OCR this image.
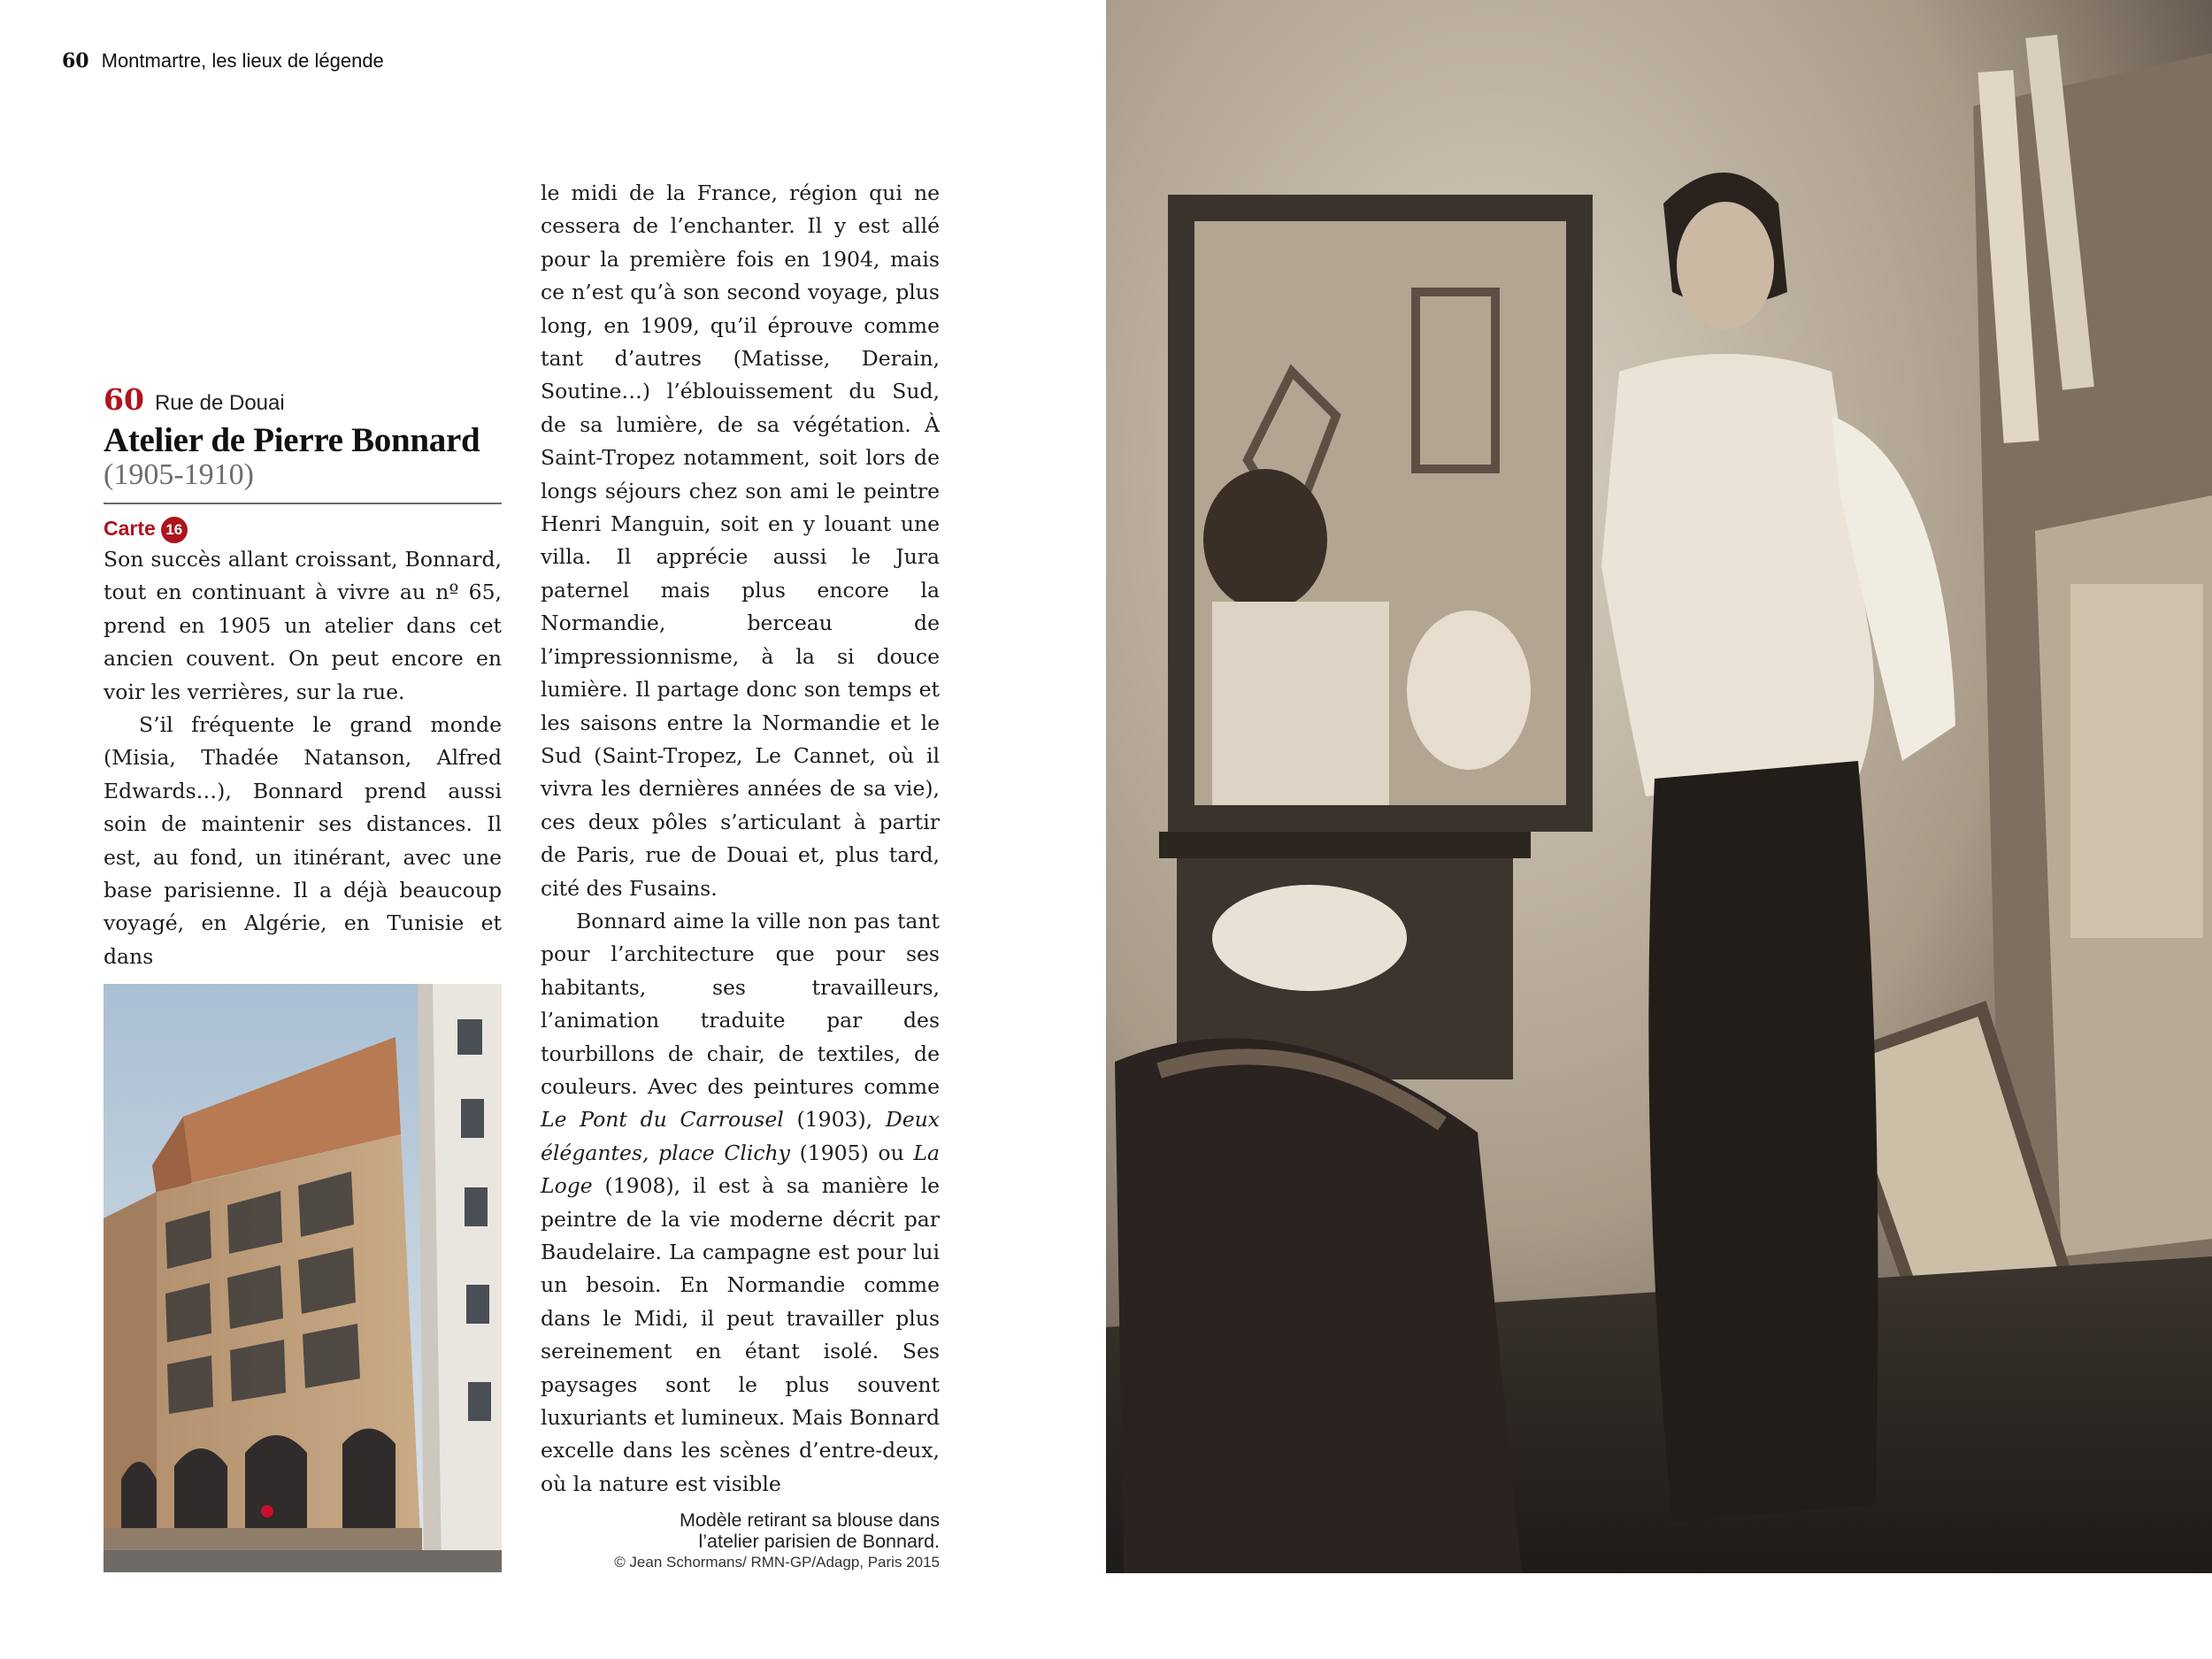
60 Montmartre, les lieux de légende
60 Rue de Douai
Atelier de Pierre Bonnard
(1905-1910)
Carte 16

Son succès allant croissant, Bonnard, tout en continuant à vivre au nº 65, prend en 1905 un atelier dans cet ancien couvent. On peut encore en voir les verrières, sur la rue.

S’il fréquente le grand monde (Misia, Thadée Natanson, Alfred Edwards…), Bonnard prend aussi soin de maintenir ses distances. Il est, au fond, un itinérant, avec une base parisienne. Il a déjà beaucoup voyagé, en Algérie, en Tunisie et dans

le midi de la France, région qui ne cessera de l’enchanter. Il y est allé pour la première fois en 1904, mais ce n’est qu’à son second voyage, plus long, en 1909, qu’il éprouve comme tant d’autres (Matisse, Derain, Soutine…) l’éblouissement du Sud, de sa lumière, de sa végétation. À Saint-Tropez notamment, soit lors de longs séjours chez son ami le peintre Henri Manguin, soit en y louant une villa. Il apprécie aussi le Jura paternel mais plus encore la Normandie, berceau de l’impressionnisme, à la si douce lumière. Il partage donc son temps et les saisons entre la Normandie et le Sud (Saint-Tropez, Le Cannet, où il vivra les dernières années de sa vie), ces deux pôles s’articulant à partir de Paris, rue de Douai et, plus tard, cité des Fusains.

Bonnard aime la ville non pas tant pour l’architecture que pour ses habitants, ses travailleurs, l’animation traduite par des tourbillons de chair, de textiles, de couleurs. Avec des peintures comme Le Pont du Carrousel (1903), Deux élégantes, place Clichy (1905) ou La Loge (1908), il est à sa manière le peintre de la vie moderne décrit par Baudelaire. La campagne est pour lui un besoin. En Normandie comme dans le Midi, il peut travailler plus sereinement en étant isolé. Ses paysages sont le plus souvent luxuriants et lumineux. Mais Bonnard excelle dans les scènes d’entre-deux, où la nature est visible

Modèle retirant sa blouse dans
l’atelier parisien de Bonnard.
© Jean Schormans/ RMN-GP/Adagp, Paris 2015
